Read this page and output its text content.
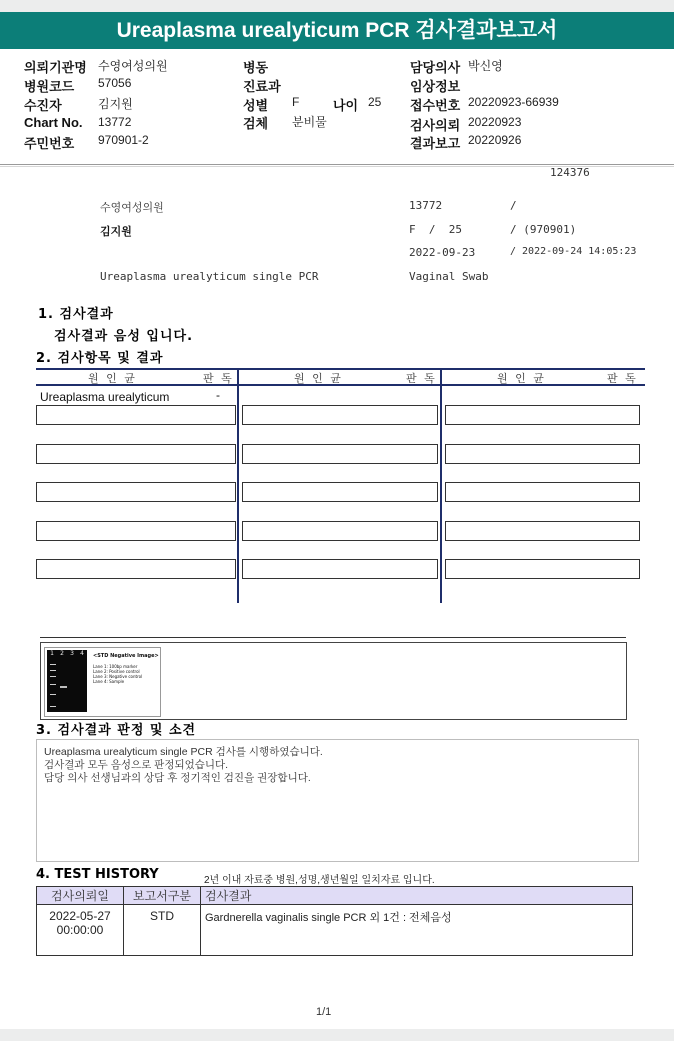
Ureaplasma urealyticum PCR 검사결과보고서
의뢰기관명 수영여성의원
병원코드 57056
수진자	김지원
Chart No. 13772
주민번호 970901-2
병동
진료과
성별 F	나이 25
검체 분비물
담당의사 박신영
임상정보
접수번호 20220923-66939
검사의뢰 20220923
결과보고 20220926
124376
수영여성의원
김지원
Ureaplasma urealyticum single PCR
13772	/
F  /  25	/ (970901)
2022-09-23	/ 2022-09-24 14:05:23
Vaginal Swab
1. 검사결과
검사결과 음성 입니다.
2. 검사항목 및 결과
원 인 균	판 독	원 인 균	판 독	원 인 균	판 독
Ureaplasma urealyticum	-
1 2 3 4 <STD Negative Image>
Lane 1: 100bp marker
Lane 2: Positive control
Lane 3: Negative control
Lane 4: Sample
3. 검사결과 판정 및 소견
Ureaplasma urealyticum single PCR 검사를 시행하였습니다.
검사결과 모두 음성으로 판정되었습니다.
담당 의사 선생님과의 상담 후 정기적인 검진을 권장합니다.
4. TEST HISTORY	2년 이내 자료중 병원,성명,생년월일 일치자료 입니다.
검사의뢰일	보고서구분	검사결과

2022-05-27
00:00:00	STD	Gardnerella vaginalis single PCR 외 1건 : 전체음성
1/1
